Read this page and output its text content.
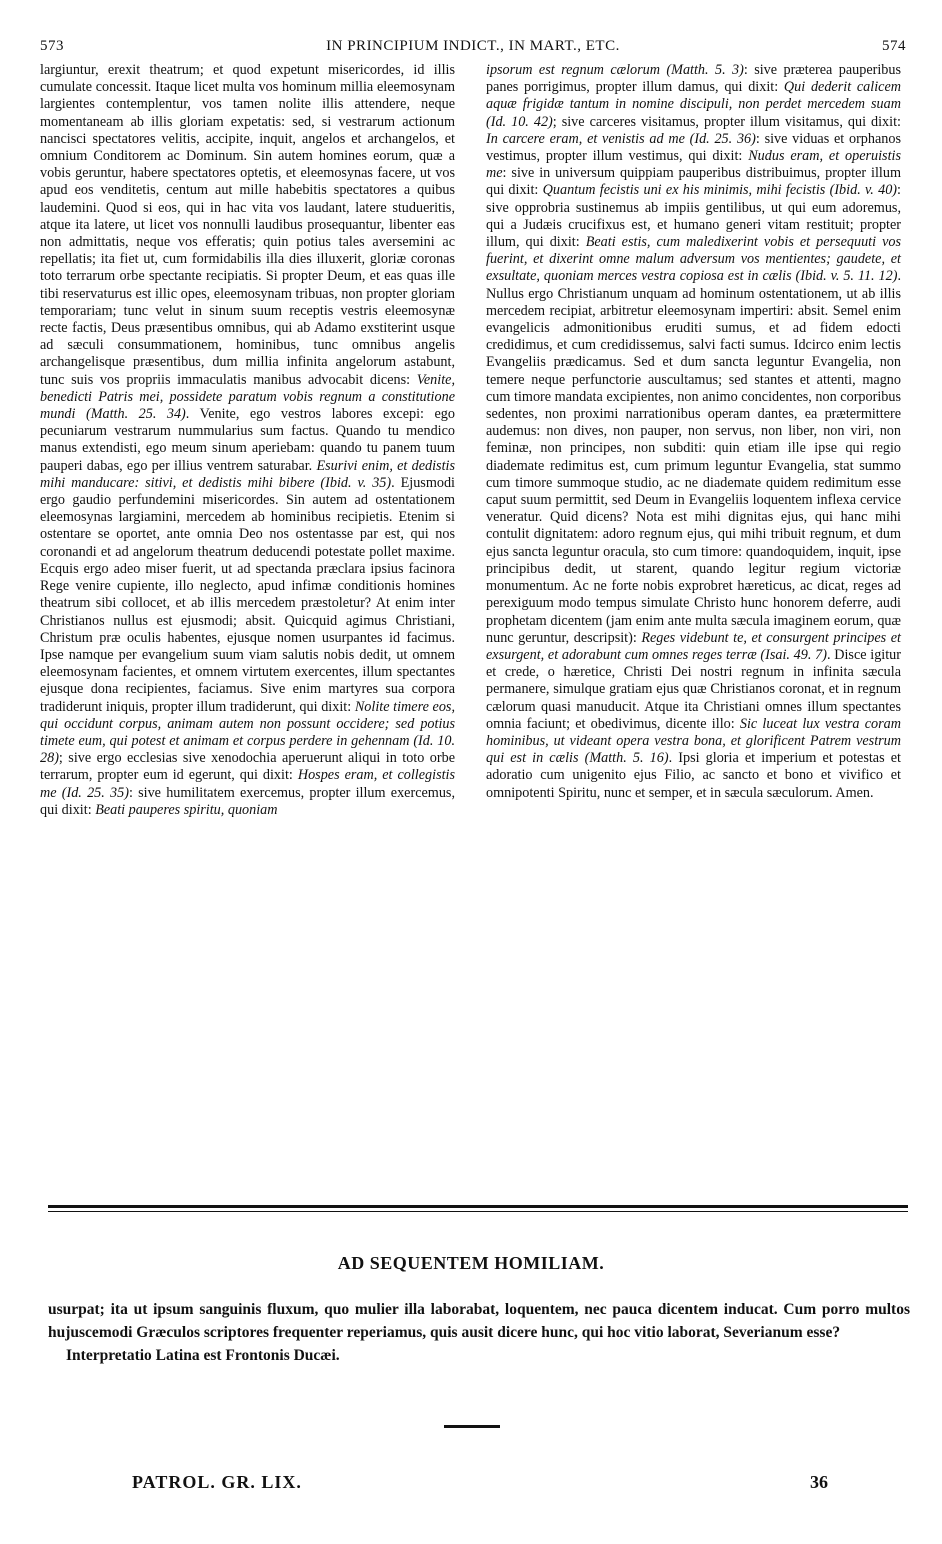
573	IN PRINCIPIUM INDICT., IN MART., ETC.	574

largiuntur, erexit theatrum; et quod expetunt misericordes, id illis cumulate concessit. Itaque licet multa vos hominum millia eleemosynam largientes contemplentur, vos tamen nolite illis attendere, neque momentaneam ab illis gloriam expetatis: sed, si vestrarum actionum nancisci spectatores velitis, accipite, inquit, angelos et archangelos, et omnium Conditorem ac Dominum. Sin autem homines eorum, quæ a vobis geruntur, habere spectatores optetis, et eleemosynas facere, ut vos apud eos venditetis, centum aut mille habebitis spectatores a quibus laudemini. Quod si eos, qui in hac vita vos laudant, latere studueritis, atque ita latere, ut licet vos nonnulli laudibus prosequantur, libenter eas non admittatis, neque vos efferatis; quin potius tales aversemini ac repellatis; ita fiet ut, cum formidabilis illa dies illuxerit, gloriæ coronas toto terrarum orbe spectante recipiatis. Si propter Deum, et eas quas ille tibi reservaturus est illic opes, eleemosynam tribuas, non propter gloriam temporariam; tunc velut in sinum suum receptis vestris eleemosynæ recte factis, Deus præsentibus omnibus, qui ab Adamo exstiterint usque ad sæculi consummationem, hominibus, tunc omnibus angelis archangelisque præsentibus, dum millia infinita angelorum astabunt, tunc suis vos propriis immaculatis manibus advocabit dicens: Venite, benedicti Patris mei, possidete paratum vobis regnum a constitutione mundi (Matth. 25. 34). Venite, ego vestros labores excepi: ego pecuniarum vestrarum nummularius sum factus. Quando tu mendico manus extendisti, ego meum sinum aperiebam: quando tu panem tuum pauperi dabas, ego per illius ventrem saturabar. Esurivi enim, et dedistis mihi manducare: sitivi, et dedistis mihi bibere (Ibid. v. 35). Ejusmodi ergo gaudio perfundemini misericordes. Sin autem ad ostentationem eleemosynas largiamini, mercedem ab hominibus recipietis. Etenim si ostentare se oportet, ante omnia Deo nos ostentasse par est, qui nos coronandi et ad angelorum theatrum deducendi potestate pollet maxime. Ecquis ergo adeo miser fuerit, ut ad spectanda præclara ipsius facinora Rege venire cupiente, illo neglecto, apud infimæ conditionis homines theatrum sibi collocet, et ab illis mercedem præstoletur? At enim inter Christianos nullus est ejusmodi; absit. Quicquid agimus Christiani, Christum præ oculis habentes, ejusque nomen usurpantes id facimus. Ipse namque per evangelium suum viam salutis nobis dedit, ut omnem eleemosynam facientes, et omnem virtutem exercentes, illum spectantes ejusque dona recipientes, faciamus. Sive enim martyres sua corpora tradiderunt iniquis, propter illum tradiderunt, qui dixit: Nolite timere eos, qui occidunt corpus, animam autem non possunt occidere; sed potius timete eum, qui potest et animam et corpus perdere in gehennam (Id. 10. 28); sive ergo ecclesias sive xenodochia aperuerunt aliqui in toto orbe terrarum, propter eum id egerunt, qui dixit: Hospes eram, et collegistis me (Id. 25. 35): sive humilitatem exercemus, propter illum exercemus, qui dixit: Beati pauperes spiritu, quoniam

ipsorum est regnum cælorum (Matth. 5. 3): sive præterea pauperibus panes porrigimus, propter illum damus, qui dixit: Qui dederit calicem aquæ frigidæ tantum in nomine discipuli, non perdet mercedem suam (Id. 10. 42); sive carceres visitamus, propter illum visitamus, qui dixit: In carcere eram, et venistis ad me (Id. 25. 36): sive viduas et orphanos vestimus, propter illum vestimus, qui dixit: Nudus eram, et operuistis me: sive in universum quippiam pauperibus distribuimus, propter illum qui dixit: Quantum fecistis uni ex his minimis, mihi fecistis (Ibid. v. 40): sive opprobria sustinemus ab impiis gentilibus, ut qui eum adoremus, qui a Judæis crucifixus est, et humano generi vitam restituit; propter illum, qui dixit: Beati estis, cum maledixerint vobis et persequuti vos fuerint, et dixerint omne malum adversum vos mentientes; gaudete, et exsultate, quoniam merces vestra copiosa est in cælis (Ibid. v. 5. 11. 12). Nullus ergo Christianum unquam ad hominum ostentationem, ut ab illis mercedem recipiat, arbitretur eleemosynam impertiri: absit. Semel enim evangelicis admonitionibus eruditi sumus, et ad fidem edocti credidimus, et cum credidissemus, salvi facti sumus. Idcirco enim lectis Evangeliis prædicamus. Sed et dum sancta leguntur Evangelia, non temere neque perfunctorie auscultamus; sed stantes et attenti, magno cum timore mandata excipientes, non animo concidentes, non corporibus sedentes, non proximi narrationibus operam dantes, ea prætermittere audemus: non dives, non pauper, non servus, non liber, non viri, non feminæ, non principes, non subditi: quin etiam ille ipse qui regio diademate redimitus est, cum primum leguntur Evangelia, stat summo cum timore summoque studio, ac ne diademate quidem redimitum esse caput suum permittit, sed Deum in Evangeliis loquentem inflexa cervice veneratur. Quid dicens? Nota est mihi dignitas ejus, qui hanc mihi contulit dignitatem: adoro regnum ejus, qui mihi tribuit regnum, et dum ejus sancta leguntur oracula, sto cum timore: quandoquidem, inquit, ipse principibus dedit, ut starent, quando legitur regium victoriæ monumentum. Ac ne forte nobis exprobret hæreticus, ac dicat, reges ad perexiguum modo tempus simulate Christo hunc honorem deferre, audi prophetam dicentem (jam enim ante multa sæcula imaginem eorum, quæ nunc geruntur, descripsit): Reges videbunt te, et consurgent principes et exsurgent, et adorabunt cum omnes reges terræ (Isai. 49. 7). Disce igitur et crede, o hæretice, Christi Dei nostri regnum in infinita sæcula permanere, simulque gratiam ejus quæ Christianos coronat, et in regnum cælorum quasi manuducit. Atque ita Christiani omnes illum spectantes omnia faciunt; et obedivimus, dicente illo: Sic luceat lux vestra coram hominibus, ut videant opera vestra bona, et glorificent Patrem vestrum qui est in cælis (Matth. 5. 16). Ipsi gloria et imperium et potestas et adoratio cum unigenito ejus Filio, ac sancto et bono et vivifico et omnipotenti Spiritu, nunc et semper, et in sæcula sæculorum. Amen.

AD SEQUENTEM HOMILIAM.

usurpat; ita ut ipsum sanguinis fluxum, quo mulier illa laborabat, loquentem, nec pauca dicentem inducat. Cum porro multos hujuscemodi Græculos scriptores frequenter reperiamus, quis ausit dicere hunc, qui hoc vitio laborat, Severianum esse?

Interpretatio Latina est Frontonis Ducæi.

PATROL. GR. LIX.	36
